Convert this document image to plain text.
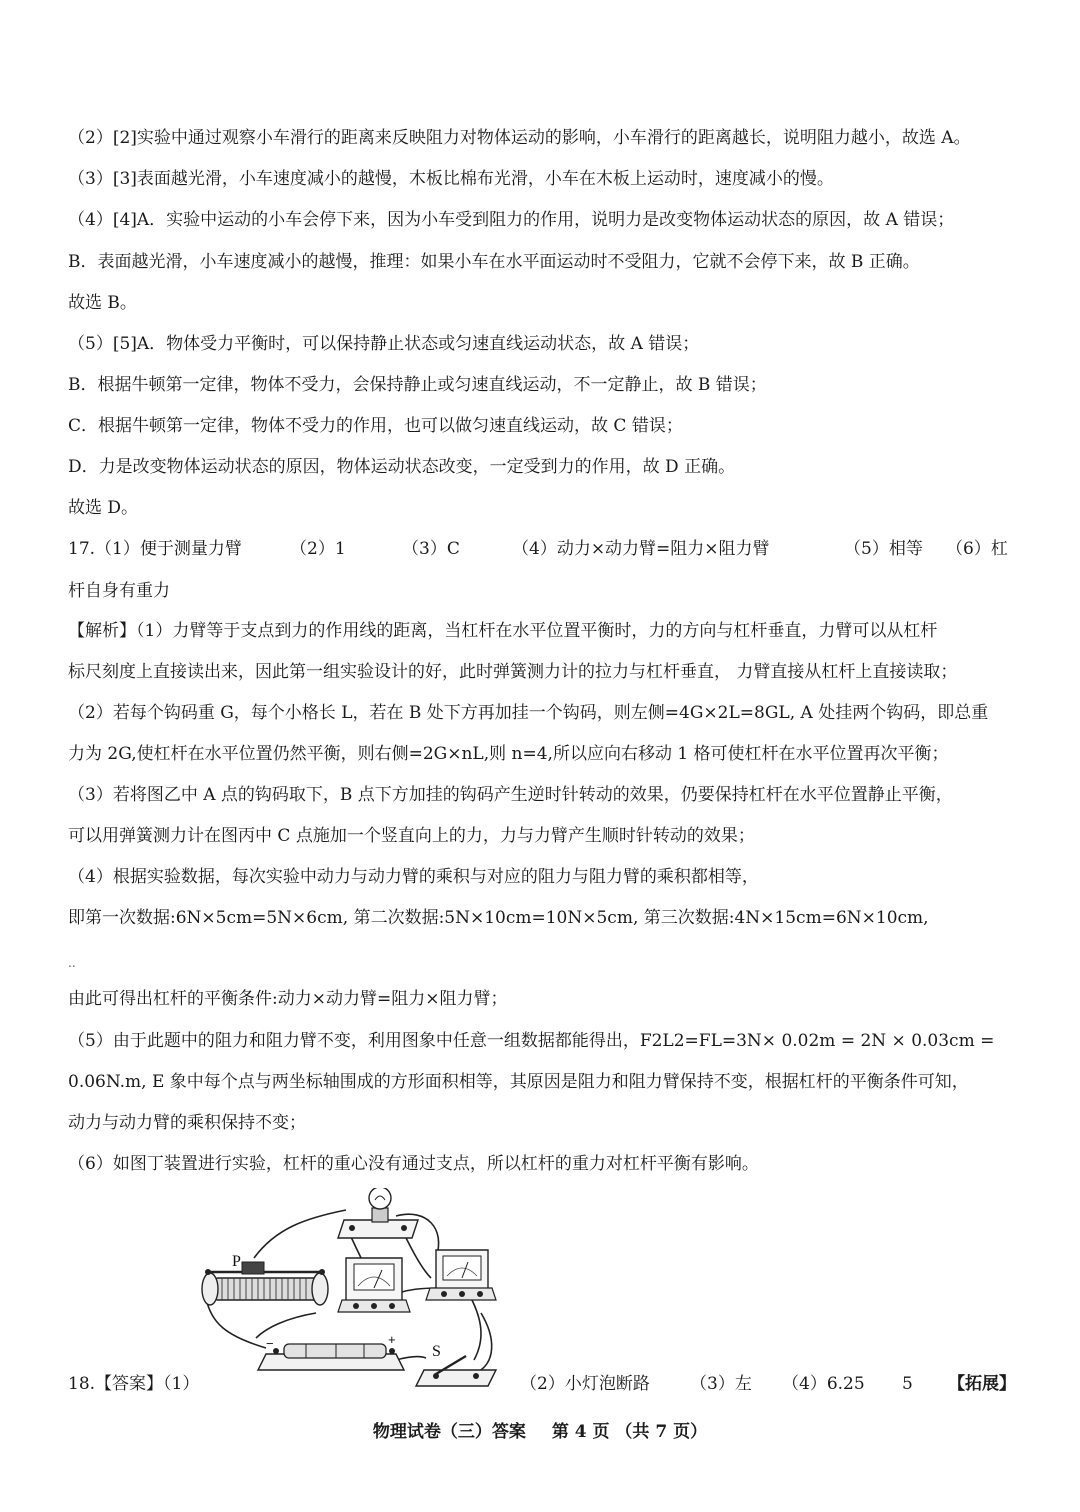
（2）[2]实验中通过观察小车滑行的距离来反映阻力对物体运动的影响，小车滑行的距离越长，说明阻力越小，故选 A。
（3）[3]表面越光滑，小车速度减小的越慢，木板比棉布光滑，小车在木板上运动时，速度减小的慢。
（4）[4]A．实验中运动的小车会停下来，因为小车受到阻力的作用，说明力是改变物体运动状态的原因，故 A 错误；
B．表面越光滑，小车速度减小的越慢，推理：如果小车在水平面运动时不受阻力，它就不会停下来，故 B 正确。
故选 B。
（5）[5]A．物体受力平衡时，可以保持静止状态或匀速直线运动状态，故 A 错误；
B．根据牛顿第一定律，物体不受力，会保持静止或匀速直线运动，不一定静止，故 B 错误；
C．根据牛顿第一定律，物体不受力的作用，也可以做匀速直线运动，故 C 错误；
D．力是改变物体运动状态的原因，物体运动状态改变，一定受到力的作用，故 D 正确。
故选 D。
17.（1）便于测量力臂	（2）1	（3）C	（4）动力×动力臂=阻力×阻力臂	（5）相等 （6）杠
杆自身有重力
【解析】（1）力臂等于支点到力的作用线的距离，当杠杆在水平位置平衡时，力的方向与杠杆垂直，力臂可以从杠杆
标尺刻度上直接读出来，因此第一组实验设计的好，此时弹簧测力计的拉力与杠杆垂直， 力臂直接从杠杆上直接读取；
（2）若每个钩码重 G，每个小格长 L，若在 B 处下方再加挂一个钩码，则左侧=4G×2L=8GL, A 处挂两个钩码，即总重
力为 2G,使杠杆在水平位置仍然平衡，则右侧=2G×nL,则 n=4,所以应向右移动 1 格可使杠杆在水平位置再次平衡；
（3）若将图乙中 A 点的钩码取下，B 点下方加挂的钩码产生逆时针转动的效果，仍要保持杠杆在水平位置静止平衡，
可以用弹簧测力计在图丙中 C 点施加一个竖直向上的力，力与力臂产生顺时针转动的效果；
（4）根据实验数据，每次实验中动力与动力臂的乘积与对应的阻力与阻力臂的乘积都相等，
即第一次数据:6N×5cm=5N×6cm, 第二次数据:5N×10cm=10N×5cm, 第三次数据:4N×15cm=6N×10cm,
..
由此可得出杠杆的平衡条件:动力×动力臂=阻力×阻力臂；
（5）由于此题中的阻力和阻力臂不变，利用图象中任意一组数据都能得出，F2L2=FL=3N× 0.02m = 2N × 0.03cm =
0.06N.m, E 象中每个点与两坐标轴围成的方形面积相等，其原因是阻力和阻力臂保持不变，根据杠杆的平衡条件可知，
动力与动力臂的乘积保持不变；
（6）如图丁装置进行实验，杠杆的重心没有通过支点，所以杠杆的重力对杠杆平衡有影响。
P
−	+
S
18.【答案】（1）	（2）小灯泡断路 （3）左 （4）6.25 5 【拓展】
物理试卷（三）答案 第 4 页 （共 7 页）
